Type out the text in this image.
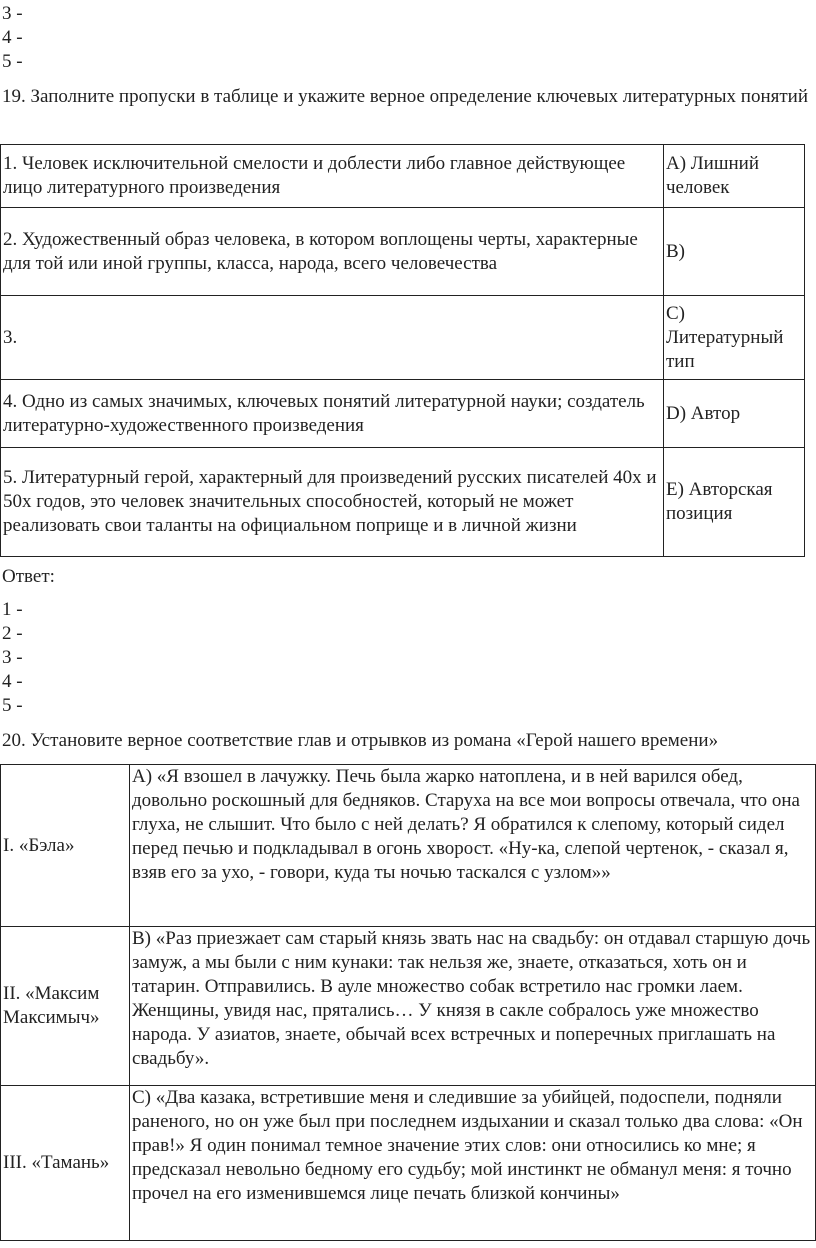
3 -
4 -
5 -
19. Заполните пропуски в таблице и укажите верное определение ключевых литературных понятий
1. Человек исключительной смелости и доблести либо главное действующее лицо литературного произведения	A) Лишний человек
2. Художественный образ человека, в котором воплощены черты, характерные для той или иной группы, класса, народа, всего человечества	B)
3.	C) Литературный тип
4. Одно из самых значимых, ключевых понятий литературной науки; создатель литературно-художественного произведения	D) Автор
5. Литературный герой, характерный для произведений русских писателей 40х и 50х годов, это человек значительных способностей, который не может реализовать свои таланты на официальном поприще и в личной жизни	E) Авторская позиция
Ответ:
1 -
2 -
3 -
4 -
5 -
20. Установите верное соответствие глав и отрывков из романа «Герой нашего времени»
I. «Бэла»	A) «Я взошел в лачужку. Печь была жарко натоплена, и в ней варился обед, довольно роскошный для бедняков. Старуха на все мои вопросы отвечала, что она глуха, не слышит. Что было с ней делать? Я обратился к слепому, который сидел перед печью и подкладывал в огонь хворост. «Ну-ка, слепой чертенок, - сказал я, взяв его за ухо, - говори, куда ты ночью таскался с узлом»»
II. «Максим Максимыч»	B) «Раз приезжает сам старый князь звать нас на свадьбу: он отдавал старшую дочь замуж, а мы были с ним кунаки: так нельзя же, знаете, отказаться, хоть он и татарин. Отправились. В ауле множество собак встретило нас громки лаем. Женщины, увидя нас, прятались… У князя в сакле собралось уже множество народа. У азиатов, знаете, обычай всех встречных и поперечных приглашать на свадьбу».
III. «Тамань»	C) «Два казака, встретившие меня и следившие за убийцей, подоспели, подняли раненого, но он уже был при последнем издыхании и сказал только два слова: «Он прав!» Я один понимал темное значение этих слов: они относились ко мне; я предсказал невольно бедному его судьбу; мой инстинкт не обманул меня: я точно прочел на его изменившемся лице печать близкой кончины»
